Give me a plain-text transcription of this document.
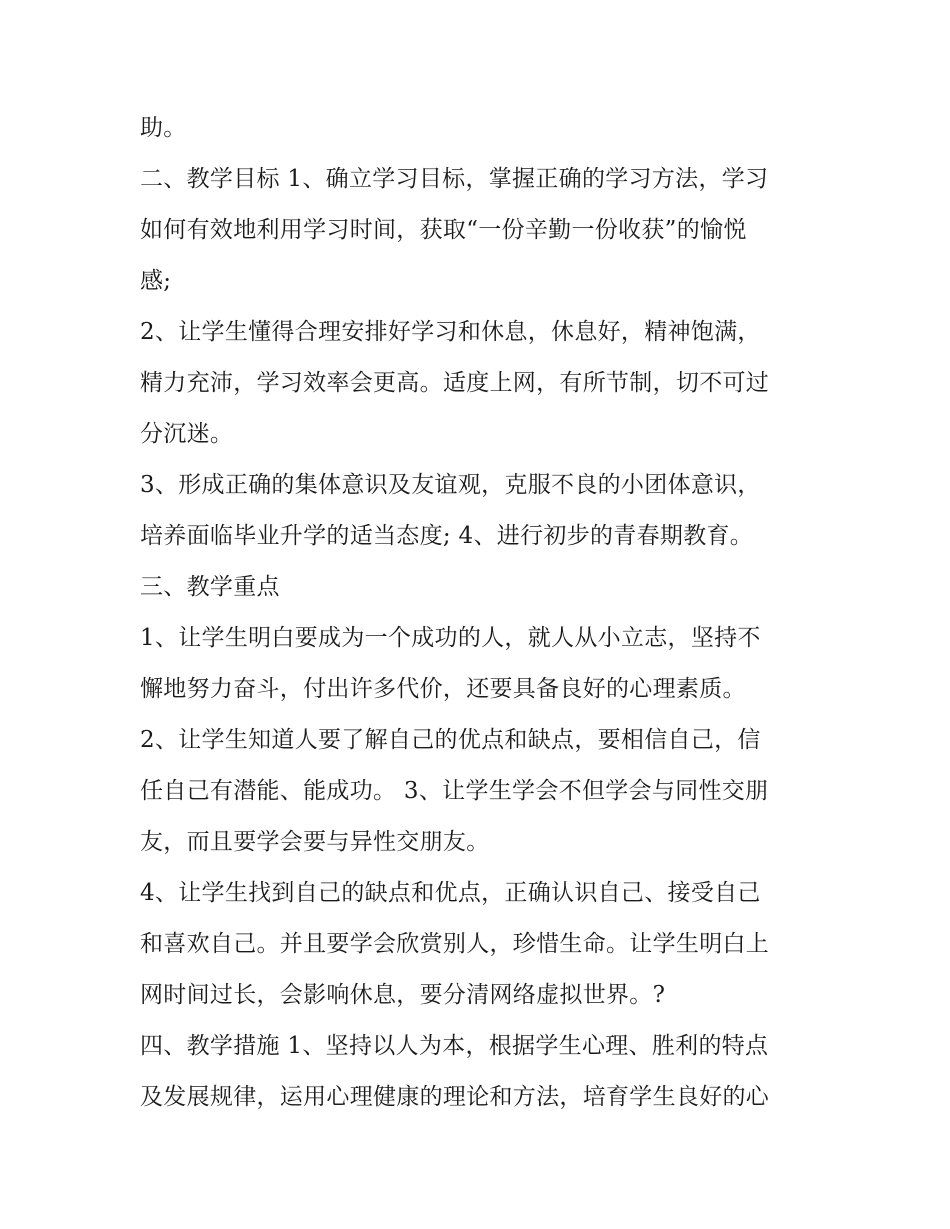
助。

二、教学目标 1、确立学习目标，掌握正确的学习方法，学习

如何有效地利用学习时间，获取“一份辛勤一份收获”的愉悦

感;

2、让学生懂得合理安排好学习和休息，休息好，精神饱满，

精力充沛，学习效率会更高。适度上网，有所节制，切不可过

分沉迷。

3、形成正确的集体意识及友谊观，克服不良的小团体意识，

培养面临毕业升学的适当态度; 4、进行初步的青春期教育。

三、教学重点

1、让学生明白要成为一个成功的人，就人从小立志，坚持不

懈地努力奋斗，付出许多代价，还要具备良好的心理素质。

2、让学生知道人要了解自己的优点和缺点，要相信自己，信

任自己有潜能、能成功。 3、让学生学会不但学会与同性交朋

友，而且要学会要与异性交朋友。

4、让学生找到自己的缺点和优点，正确认识自己、接受自己

和喜欢自己。并且要学会欣赏别人，珍惜生命。让学生明白上

网时间过长，会影响休息，要分清网络虚拟世界。?

四、教学措施 1、坚持以人为本，根据学生心理、胜利的特点

及发展规律，运用心理健康的理论和方法，培育学生良好的心
